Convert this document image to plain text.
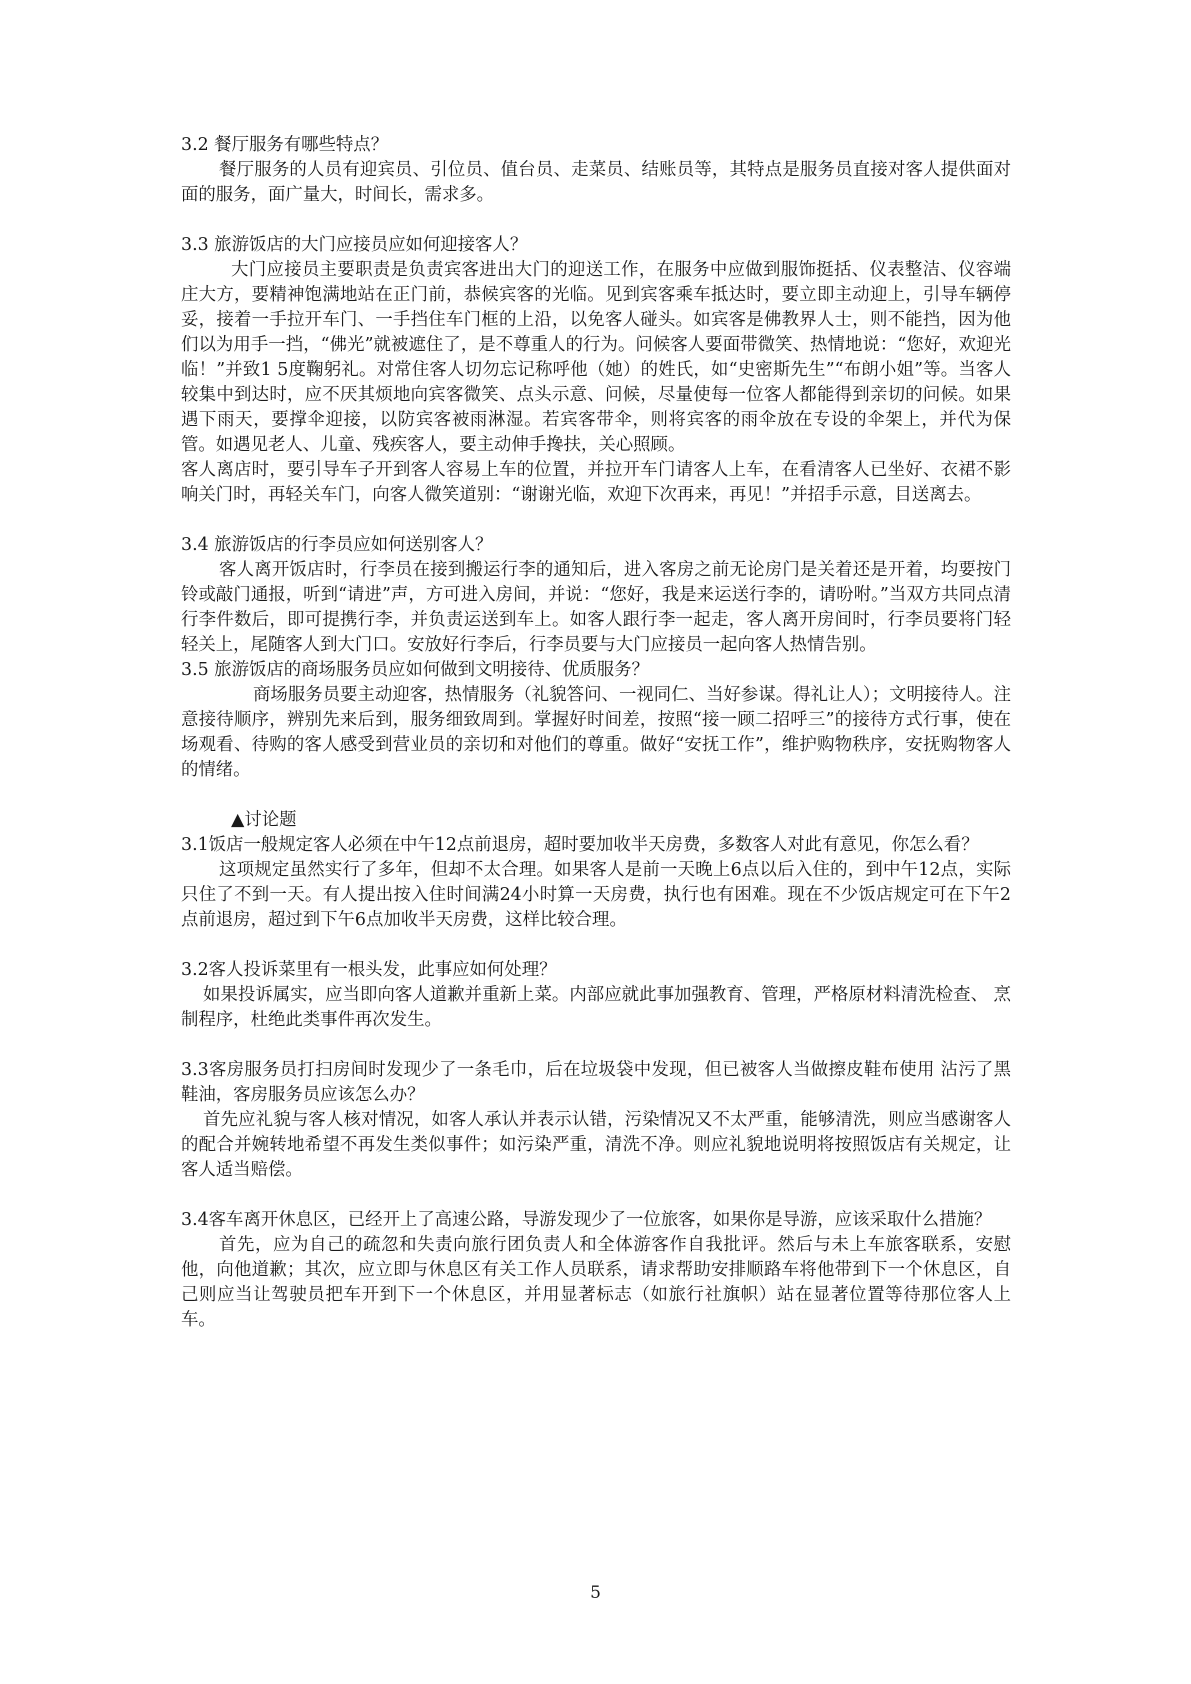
3.2 餐厅服务有哪些特点？

餐厅服务的人员有迎宾员、引位员、值台员、走菜员、结账员等，其特点是服务员直接对客人提供面对面的服务，面广量大，时间长，需求多。

3.3 旅游饭店的大门应接员应如何迎接客人？

大门应接员主要职责是负责宾客进出大门的迎送工作，在服务中应做到服饰挺括、仪表整洁、仪容端庄大方，要精神饱满地站在正门前，恭候宾客的光临。见到宾客乘车抵达时，要立即主动迎上，引导车辆停妥，接着一手拉开车门、一手挡住车门框的上沿，以免客人碰头。如宾客是佛教界人士，则不能挡，因为他们以为用手一挡，“佛光”就被遮住了，是不尊重人的行为。问候客人要面带微笑、热情地说：“您好，欢迎光临！”并致1 5度鞠躬礼。对常住客人切勿忘记称呼他（她）的姓氏，如“史密斯先生”“布朗小姐”等。当客人较集中到达时，应不厌其烦地向宾客微笑、点头示意、问候，尽量使每一位客人都能得到亲切的问候。如果遇下雨天，要撑伞迎接，以防宾客被雨淋湿。若宾客带伞，则将宾客的雨伞放在专设的伞架上，并代为保管。如遇见老人、儿童、残疾客人，要主动伸手搀扶，关心照顾。

客人离店时，要引导车子开到客人容易上车的位置，并拉开车门请客人上车，在看清客人已坐好、衣裙不影响关门时，再轻关车门，向客人微笑道别：“谢谢光临，欢迎下次再来，再见！”并招手示意，目送离去。

3.4 旅游饭店的行李员应如何送别客人？

客人离开饭店时，行李员在接到搬运行李的通知后，进入客房之前无论房门是关着还是开着，均要按门铃或敲门通报，听到“请进”声，方可进入房间，并说：“您好，我是来运送行李的，请吩咐。”当双方共同点清行李件数后，即可提携行李，并负责运送到车上。如客人跟行李一起走，客人离开房间时，行李员要将门轻轻关上，尾随客人到大门口。安放好行李后，行李员要与大门应接员一起向客人热情告别。

3.5 旅游饭店的商场服务员应如何做到文明接待、优质服务？

商场服务员要主动迎客，热情服务（礼貌答问、一视同仁、当好参谋。得礼让人）；文明接待人。注意接待顺序，辨别先来后到，服务细致周到。掌握好时间差，按照“接一顾二招呼三”的接待方式行事，使在场观看、待购的客人感受到营业员的亲切和对他们的尊重。做好“安抚工作”，维护购物秩序，安抚购物客人的情绪。

▲讨论题

3.1饭店一般规定客人必须在中午12点前退房，超时要加收半天房费，多数客人对此有意见，你怎么看？

这项规定虽然实行了多年，但却不太合理。如果客人是前一天晚上6点以后入住的，到中午12点，实际只住了不到一天。有人提出按入住时间满24小时算一天房费，执行也有困难。现在不少饭店规定可在下午2点前退房，超过到下午6点加收半天房费，这样比较合理。

3.2客人投诉菜里有一根头发，此事应如何处理？

如果投诉属实，应当即向客人道歉并重新上菜。内部应就此事加强教育、管理，严格原材料清洗检查、 烹制程序，杜绝此类事件再次发生。

3.3客房服务员打扫房间时发现少了一条毛巾，后在垃圾袋中发现，但已被客人当做擦皮鞋布使用 沾污了黑鞋油，客房服务员应该怎么办？

首先应礼貌与客人核对情况，如客人承认并表示认错，污染情况又不太严重，能够清洗，则应当感谢客人的配合并婉转地希望不再发生类似事件；如污染严重，清洗不净。则应礼貌地说明将按照饭店有关规定，让客人适当赔偿。

3.4客车离开休息区，已经开上了高速公路，导游发现少了一位旅客，如果你是导游，应该采取什么措施？

首先，应为自己的疏忽和失责向旅行团负责人和全体游客作自我批评。然后与未上车旅客联系，安慰他，向他道歉；其次，应立即与休息区有关工作人员联系，请求帮助安排顺路车将他带到下一个休息区，自己则应当让驾驶员把车开到下一个休息区，并用显著标志（如旅行社旗帜）站在显著位置等待那位客人上车。

5
